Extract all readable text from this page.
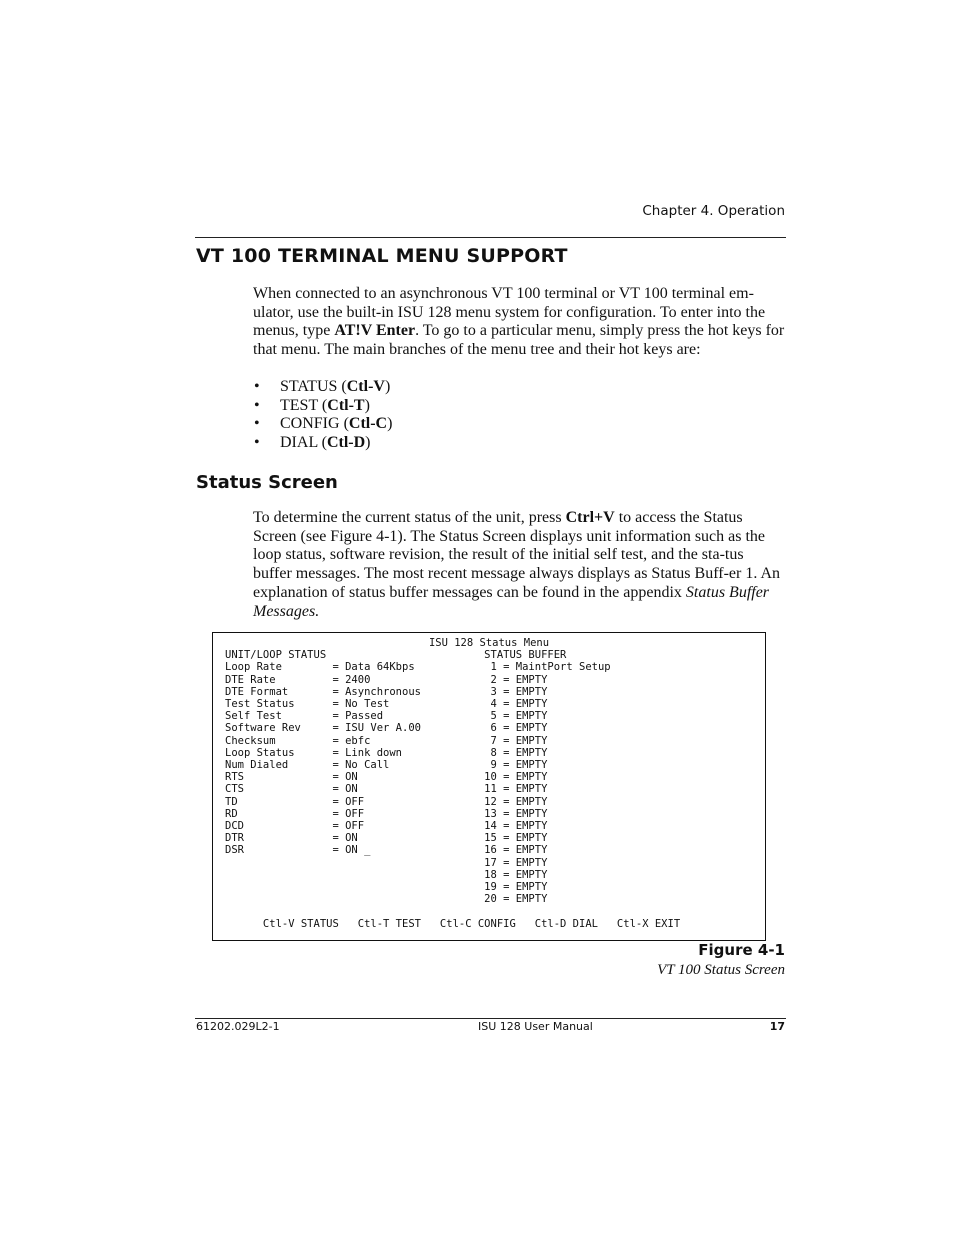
Chapter 4. Operation
VT 100 TERMINAL MENU SUPPORT
When connected to an asynchronous VT 100 terminal or VT 100 terminal em-ulator, use the built-in ISU 128 menu system for configuration. To enter into the menus, type AT!V Enter. To go to a particular menu, simply press the hot keys for that menu. The main branches of the menu tree and their hot keys are:
• STATUS (Ctl-V)
• TEST (Ctl-T)
• CONFIG (Ctl-C)
• DIAL (Ctl-D)
Status Screen
To determine the current status of the unit, press Ctrl+V to access the Status Screen (see Figure 4-1). The Status Screen displays unit information such as the loop status, software revision, the result of the initial self test, and the sta-tus buffer messages. The most recent message always displays as Status Buff-er 1. An explanation of status buffer messages can be found in the appendix Status Buffer Messages.
ISU 128 Status Menu

UNIT/LOOP STATUS                         STATUS BUFFER
Loop Rate        = Data 64Kbps            1 = MaintPort Setup
DTE Rate         = 2400                   2 = EMPTY
DTE Format       = Asynchronous           3 = EMPTY
Test Status      = No Test                4 = EMPTY
Self Test        = Passed                 5 = EMPTY
Software Rev     = ISU Ver A.00           6 = EMPTY
Checksum         = ebfc                   7 = EMPTY
Loop Status      = Link down              8 = EMPTY
Num Dialed       = No Call                9 = EMPTY
RTS              = ON                    10 = EMPTY
CTS              = ON                    11 = EMPTY
TD               = OFF                   12 = EMPTY
RD               = OFF                   13 = EMPTY
DCD              = OFF                   14 = EMPTY
DTR              = ON                    15 = EMPTY
DSR              = ON _                  16 = EMPTY
17 = EMPTY
18 = EMPTY
19 = EMPTY
20 = EMPTY

Ctl-V STATUS   Ctl-T TEST   Ctl-C CONFIG   Ctl-D DIAL   Ctl-X EXIT
Figure 4-1
VT 100 Status Screen
61202.029L2-1	ISU 128 User Manual	17
